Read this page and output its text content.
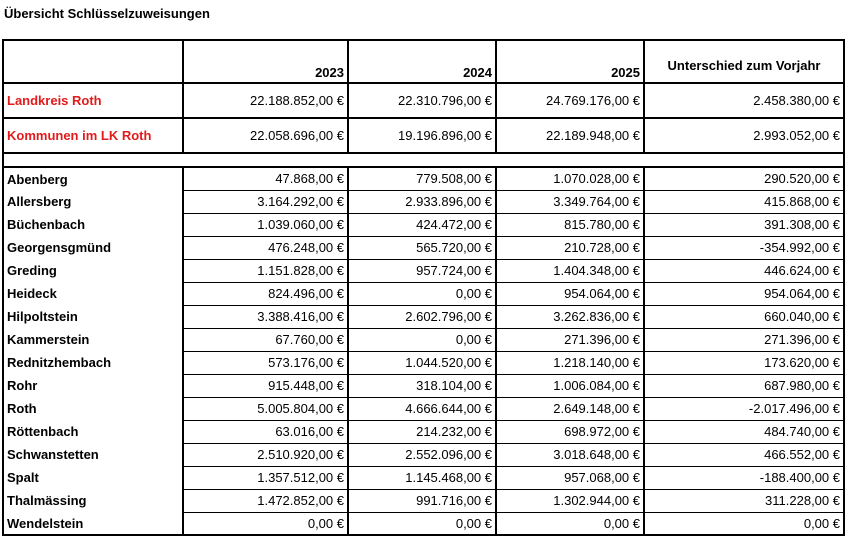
Übersicht Schlüsselzuweisungen
	2023	2024	2025	Unterschied zum Vorjahr
Landkreis Roth	22.188.852,00 €	22.310.796,00 €	24.769.176,00 €	2.458.380,00 €
Kommunen im LK Roth	22.058.696,00 €	19.196.896,00 €	22.189.948,00 €	2.993.052,00 €

Abenberg	47.868,00 €	779.508,00 €	1.070.028,00 €	290.520,00 €
Allersberg	3.164.292,00 €	2.933.896,00 €	3.349.764,00 €	415.868,00 €
Büchenbach	1.039.060,00 €	424.472,00 €	815.780,00 €	391.308,00 €
Georgensgmünd	476.248,00 €	565.720,00 €	210.728,00 €	-354.992,00 €
Greding	1.151.828,00 €	957.724,00 €	1.404.348,00 €	446.624,00 €
Heideck	824.496,00 €	0,00 €	954.064,00 €	954.064,00 €
Hilpoltstein	3.388.416,00 €	2.602.796,00 €	3.262.836,00 €	660.040,00 €
Kammerstein	67.760,00 €	0,00 €	271.396,00 €	271.396,00 €
Rednitzhembach	573.176,00 €	1.044.520,00 €	1.218.140,00 €	173.620,00 €
Rohr	915.448,00 €	318.104,00 €	1.006.084,00 €	687.980,00 €
Roth	5.005.804,00 €	4.666.644,00 €	2.649.148,00 €	-2.017.496,00 €
Röttenbach	63.016,00 €	214.232,00 €	698.972,00 €	484.740,00 €
Schwanstetten	2.510.920,00 €	2.552.096,00 €	3.018.648,00 €	466.552,00 €
Spalt	1.357.512,00 €	1.145.468,00 €	957.068,00 €	-188.400,00 €
Thalmässing	1.472.852,00 €	991.716,00 €	1.302.944,00 €	311.228,00 €
Wendelstein	0,00 €	0,00 €	0,00 €	0,00 €
